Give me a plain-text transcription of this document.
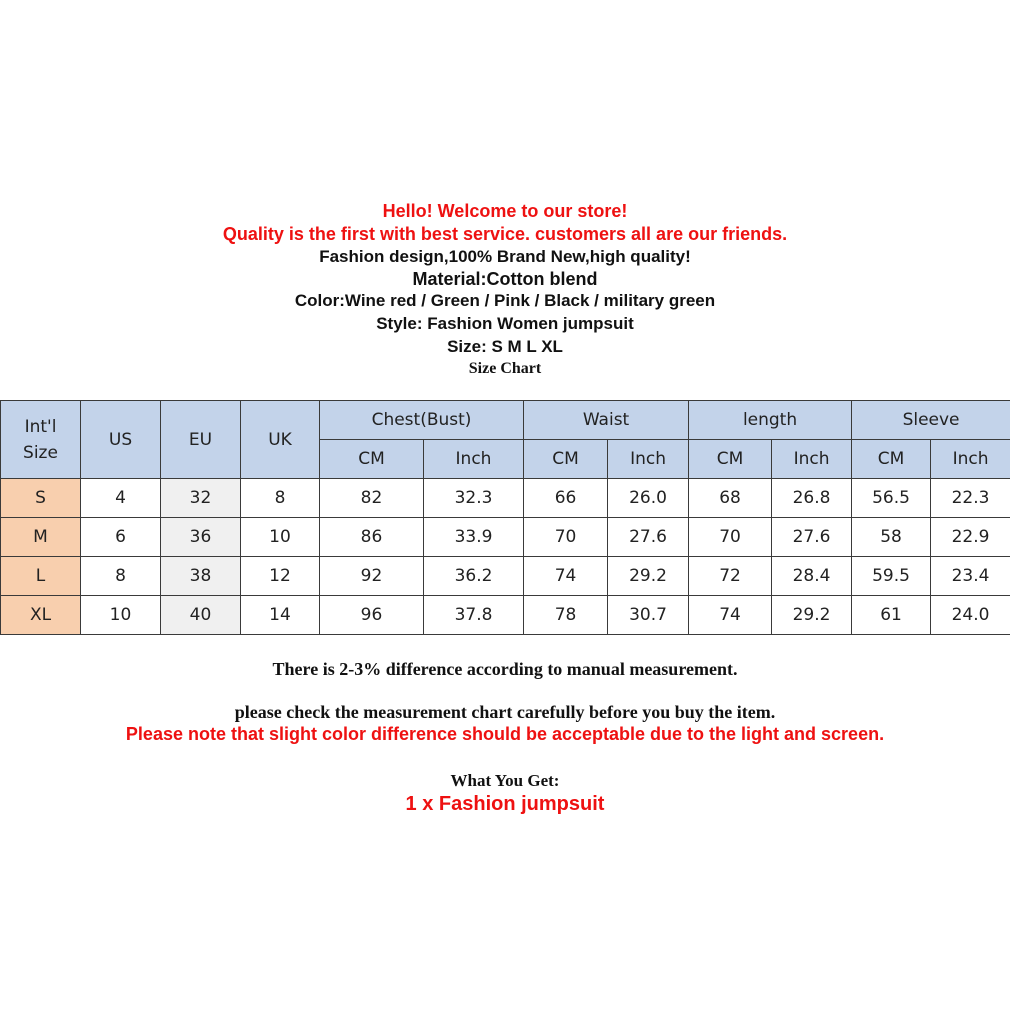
Hello! Welcome to our store!
Quality is the first with best service. customers all are our friends.
Fashion design,100% Brand New,high quality!
Material:Cotton blend
Color:Wine red / Green / Pink / Black / military green
Style: Fashion Women jumpsuit
Size: S M L XL
Size Chart
Int'l Size	US	EU	UK	Chest(Bust)		Waist		length		Sleeve	
				CM	Inch	CM	Inch	CM	Inch	CM	Inch
S	4	32	8	82	32.3	66	26.0	68	26.8	56.5	22.3
M	6	36	10	86	33.9	70	27.6	70	27.6	58	22.9
L	8	38	12	92	36.2	74	29.2	72	28.4	59.5	23.4
XL	10	40	14	96	37.8	78	30.7	74	29.2	61	24.0
There is 2-3% difference according to manual measurement.
please check the measurement chart carefully before you buy the item.
Please note that slight color difference should be acceptable due to the light and screen.
What You Get:
1 x Fashion jumpsuit
